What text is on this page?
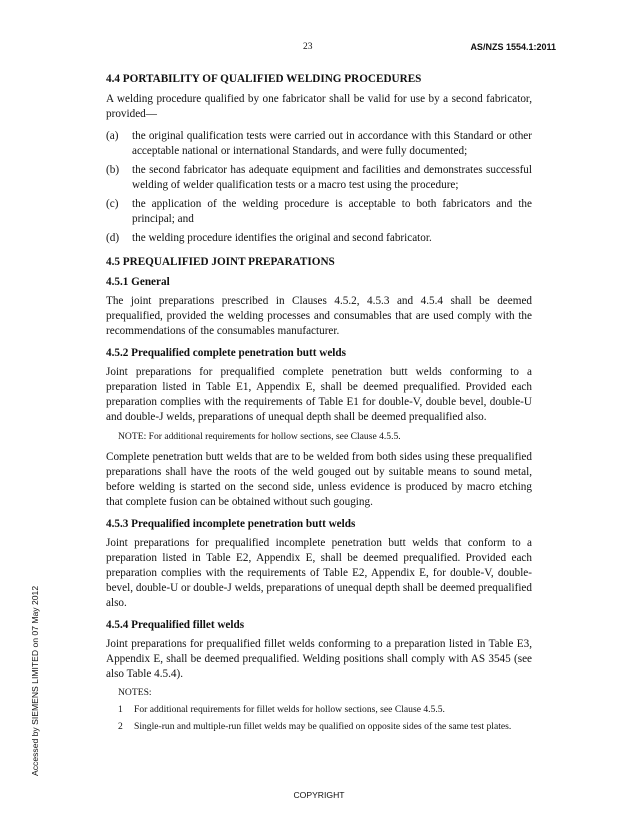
23	AS/NZS 1554.1:2011
4.4 PORTABILITY OF QUALIFIED WELDING PROCEDURES

A welding procedure qualified by one fabricator shall be valid for use by a second fabricator, provided—

(a)	the original qualification tests were carried out in accordance with this Standard or other acceptable national or international Standards, and were fully documented;
(b)	the second fabricator has adequate equipment and facilities and demonstrates successful welding of welder qualification tests or a macro test using the procedure;
(c)	the application of the welding procedure is acceptable to both fabricators and the principal; and
(d)	the welding procedure identifies the original and second fabricator.
4.5 PREQUALIFIED JOINT PREPARATIONS
4.5.1 General

The joint preparations prescribed in Clauses 4.5.2, 4.5.3 and 4.5.4 shall be deemed prequalified, provided the welding processes and consumables that are used comply with the recommendations of the consumables manufacturer.

4.5.2 Prequalified complete penetration butt welds

Joint preparations for prequalified complete penetration butt welds conforming to a preparation listed in Table E1, Appendix E, shall be deemed prequalified. Provided each preparation complies with the requirements of Table E1 for double-V, double bevel, double-U and double-J welds, preparations of unequal depth shall be deemed prequalified also.

NOTE: For additional requirements for hollow sections, see Clause 4.5.5.

Complete penetration butt welds that are to be welded from both sides using these prequalified preparations shall have the roots of the weld gouged out by suitable means to sound metal, before welding is started on the second side, unless evidence is produced by macro etching that complete fusion can be obtained without such gouging.

4.5.3 Prequalified incomplete penetration butt welds

Joint preparations for prequalified incomplete penetration butt welds that conform to a preparation listed in Table E2, Appendix E, shall be deemed prequalified. Provided each preparation complies with the requirements of Table E2, Appendix E, for double-V, double-bevel, double-U or double-J welds, preparations of unequal depth shall be deemed prequalified also.

4.5.4 Prequalified fillet welds

Joint preparations for prequalified fillet welds conforming to a preparation listed in Table E3, Appendix E, shall be deemed prequalified. Welding positions shall comply with AS 3545 (see also Table 4.5.4).

NOTES:
1	For additional requirements for fillet welds for hollow sections, see Clause 4.5.5.
2	Single-run and multiple-run fillet welds may be qualified on opposite sides of the same test plates.
Accessed by SIEMENS LIMITED on 07 May 2012
COPYRIGHT
